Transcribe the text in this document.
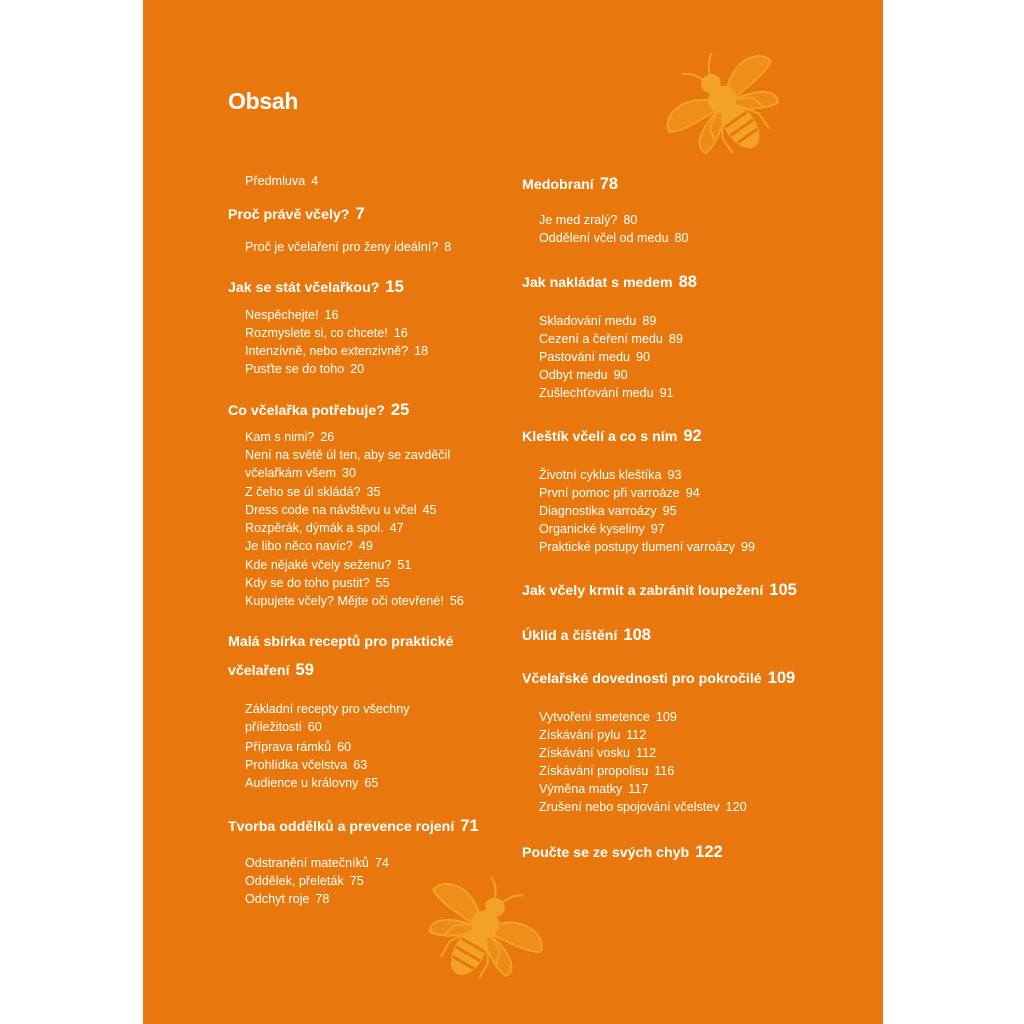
Obsah
Předmluva 4
Proč právě včely? 7
Proč je včelaření pro ženy ideální? 8
Jak se stát včelařkou? 15
Nespěchejte! 16
Rozmyslete si, co chcete! 16
Intenzivně, nebo extenzivně? 18
Pusťte se do toho 20
Co včelařka potřebuje? 25
Kam s nimi? 26
Není na světě úl ten, aby se zavděčil
včelařkám všem 30
Z čeho se úl skládá? 35
Dress code na návštěvu u včel 45
Rozpěrák, dýmák a spol. 47
Je libo něco navíc? 49
Kde nějaké včely seženu? 51
Kdy se do toho pustit? 55
Kupujete včely? Mějte oči otevřené! 56
Malá sbírka receptů pro praktické
včelaření 59
Základní recepty pro všechny
příležitosti 60
Příprava rámků 60
Prohlídka včelstva 63
Audience u královny 65
Tvorba oddělků a prevence rojení 71
Odstranění matečníků 74
Oddělek, přeleták 75
Odchyt roje 78
Medobraní 78
Je med zralý? 80
Oddělení včel od medu 80
Jak nakládat s medem 88
Skladování medu 89
Cezení a čeření medu 89
Pastování medu 90
Odbyt medu 90
Zušlechťování medu 91
Kleštík včelí a co s ním 92
Životní cyklus kleštíka 93
První pomoc při varroáze 94
Diagnostika varroázy 95
Organické kyseliny 97
Praktické postupy tlumení varroázy 99
Jak včely krmit a zabránit loupežení 105
Úklid a čištění 108
Včelařské dovednosti pro pokročilé 109
Vytvoření smetence 109
Získávání pylu 112
Získávání vosku 112
Získávání propolisu 116
Výměna matky 117
Zrušení nebo spojování včelstev 120
Poučte se ze svých chyb 122
